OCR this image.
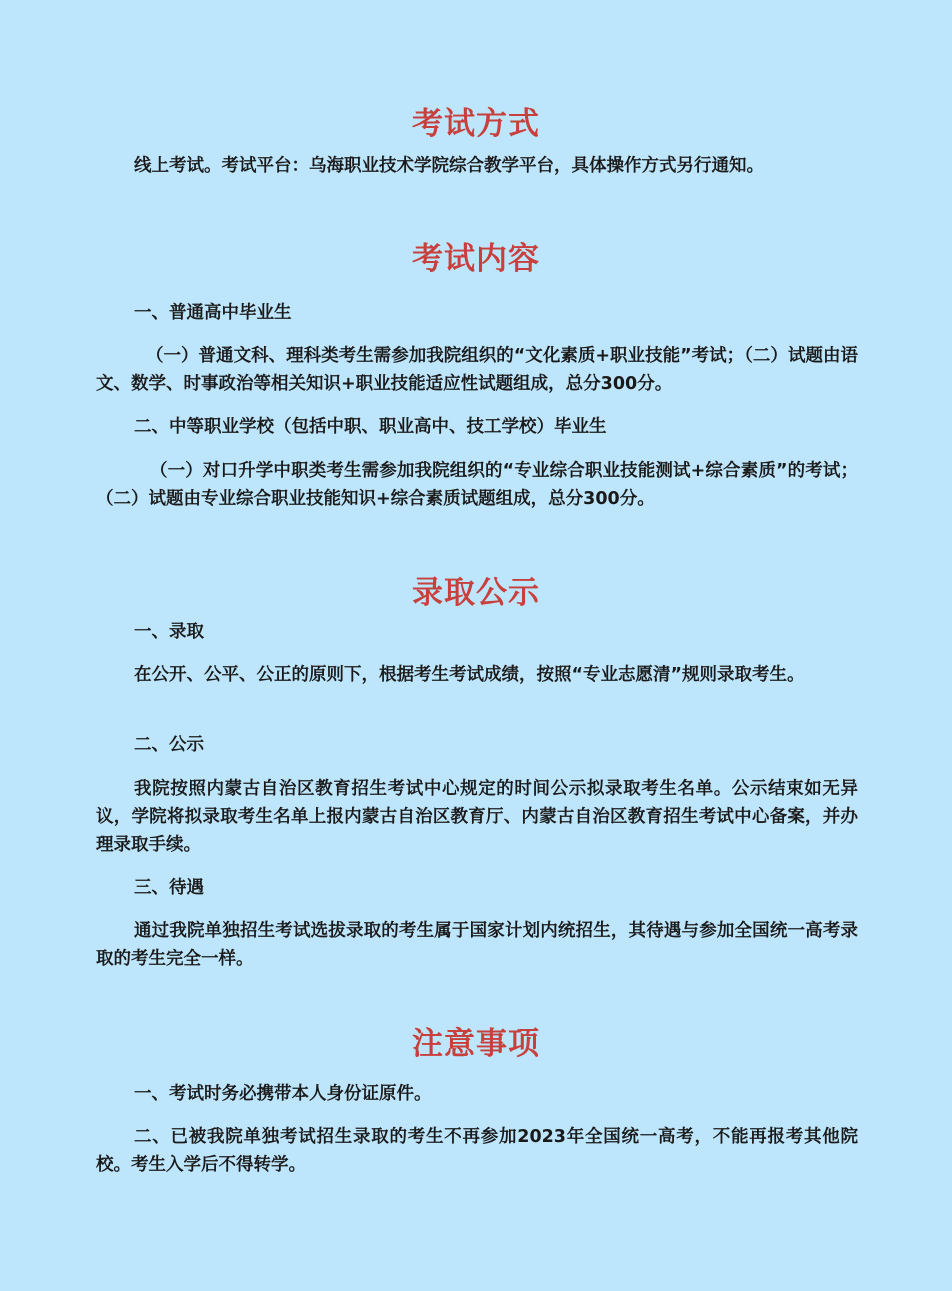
考试方式

线上考试。考试平台：乌海职业技术学院综合教学平台，具体操作方式另行通知。

考试内容

一、普通高中毕业生

（一）普通文科、理科类考生需参加我院组织的“文化素质+职业技能”考试；（二）试题由语文、数学、时事政治等相关知识+职业技能适应性试题组成，总分300分。

二、中等职业学校（包括中职、职业高中、技工学校）毕业生

（一）对口升学中职类考生需参加我院组织的“专业综合职业技能测试+综合素质”的考试；（二）试题由专业综合职业技能知识+综合素质试题组成，总分300分。

录取公示

一、录取

在公开、公平、公正的原则下，根据考生考试成绩，按照“专业志愿清”规则录取考生。

二、公示

我院按照内蒙古自治区教育招生考试中心规定的时间公示拟录取考生名单。公示结束如无异议，学院将拟录取考生名单上报内蒙古自治区教育厅、内蒙古自治区教育招生考试中心备案，并办理录取手续。

三、待遇

通过我院单独招生考试选拔录取的考生属于国家计划内统招生，其待遇与参加全国统一高考录取的考生完全一样。

注意事项

一、考试时务必携带本人身份证原件。

二、已被我院单独考试招生录取的考生不再参加2023年全国统一高考，不能再报考其他院校。考生入学后不得转学。
